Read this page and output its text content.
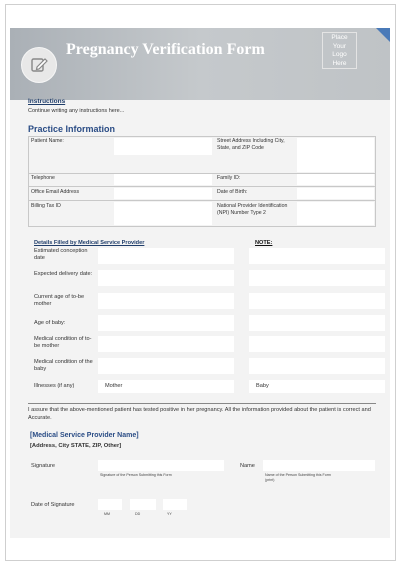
Pregnancy Verification Form
Place
Your
Logo
Here
Instructions
Continue writing any instructions here...
Practice Information
Patient Name:	Street Address Including City, State, and ZIP Code
Telephone	Family ID:
Office Email Address	Date of Birth:
Billing Tax ID	National Provider Identification (NPI) Number Type 2
Details Filled by Medical Service Provider	NOTE:
Estimated conception date
Expected delivery date:
Current age of to-be mother
Age of baby:
Medical condition of to-be mother
Medical condition of the baby
Illnesses (if any)	Mother	Baby
I assure that the above-mentioned patient has tested positive in her pregnancy. All the information provided about the patient is correct and Accurate.
[Medical Service Provider Name]
[Address, City STATE, ZIP, Other]
Signature
Signature of the Person Submitting this Form
Name
Name of the Person Submitting this Form (print)
Date of Signature
MM	DD	YY
